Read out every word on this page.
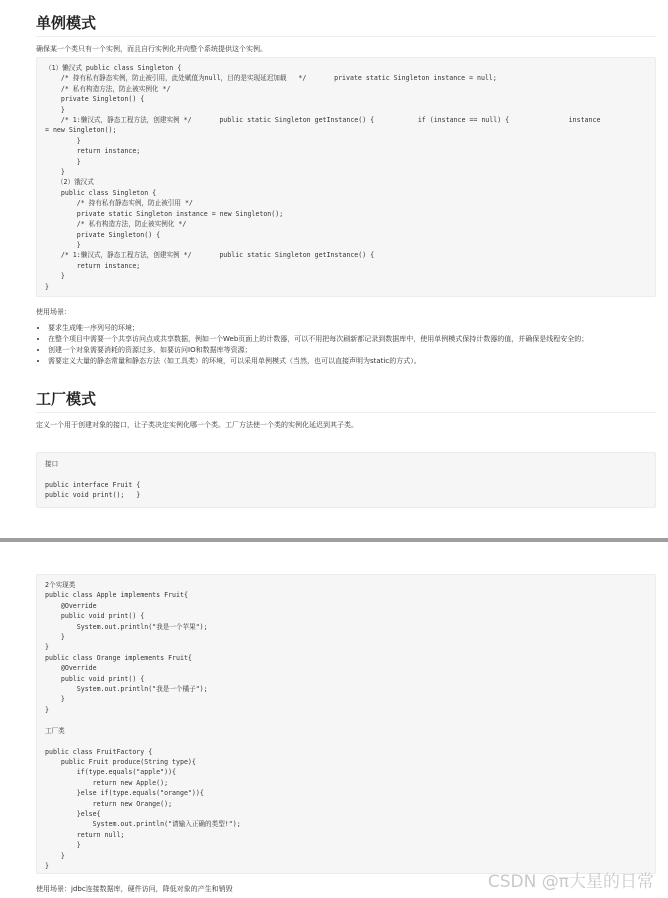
单例模式

确保某一个类只有一个实例，而且自行实例化并向整个系统提供这个实例。

（1）懒汉式 public class Singleton {
/* 持有私有静态实例，防止被引用，此处赋值为null，目的是实现延迟加载   */       private static Singleton instance = null;
/* 私有构造方法，防止被实例化 */
private Singleton() {
}
/* 1:懒汉式，静态工程方法，创建实例 */       public static Singleton getInstance() {           if (instance == null) {               instance
= new Singleton();
}
return instance;
}
}
（2）饿汉式
public class Singleton {
/* 持有私有静态实例，防止被引用 */
private static Singleton instance = new Singleton();
/* 私有构造方法，防止被实例化 */
private Singleton() {
}
/* 1:懒汉式，静态工程方法，创建实例 */       public static Singleton getInstance() {
return instance;
}
}

使用场景：

• 要求生成唯一序列号的环境；
• 在整个项目中需要一个共享访问点或共享数据，例如一个Web页面上的计数器，可以不用把每次刷新都记录到数据库中，使用单例模式保持计数器的值，并确保是线程安全的；
• 创建一个对象需要消耗的资源过多，如要访问IO和数据库等资源；
• 需要定义大量的静态常量和静态方法（如工具类）的环境，可以采用单例模式（当然，也可以直接声明为static的方式）。
工厂模式

定义一个用于创建对象的接口，让子类决定实例化哪一个类。工厂方法使一个类的实例化延迟到其子类。

接口

public interface Fruit {
public void print();   }
2个实现类
public class Apple implements Fruit{
@Override
public void print() {
System.out.println("我是一个苹果");
}
}
public class Orange implements Fruit{
@Override
public void print() {
System.out.println("我是一个橘子");
}
}

工厂类

public class FruitFactory {
public Fruit produce(String type){
if(type.equals("apple")){
return new Apple();
}else if(type.equals("orange")){
return new Orange();
}else{
System.out.println("请输入正确的类型!");
return null;
}
}
}

使用场景：jdbc连接数据库，硬件访问，降低对象的产生和销毁	CSDN @π大星的日常
